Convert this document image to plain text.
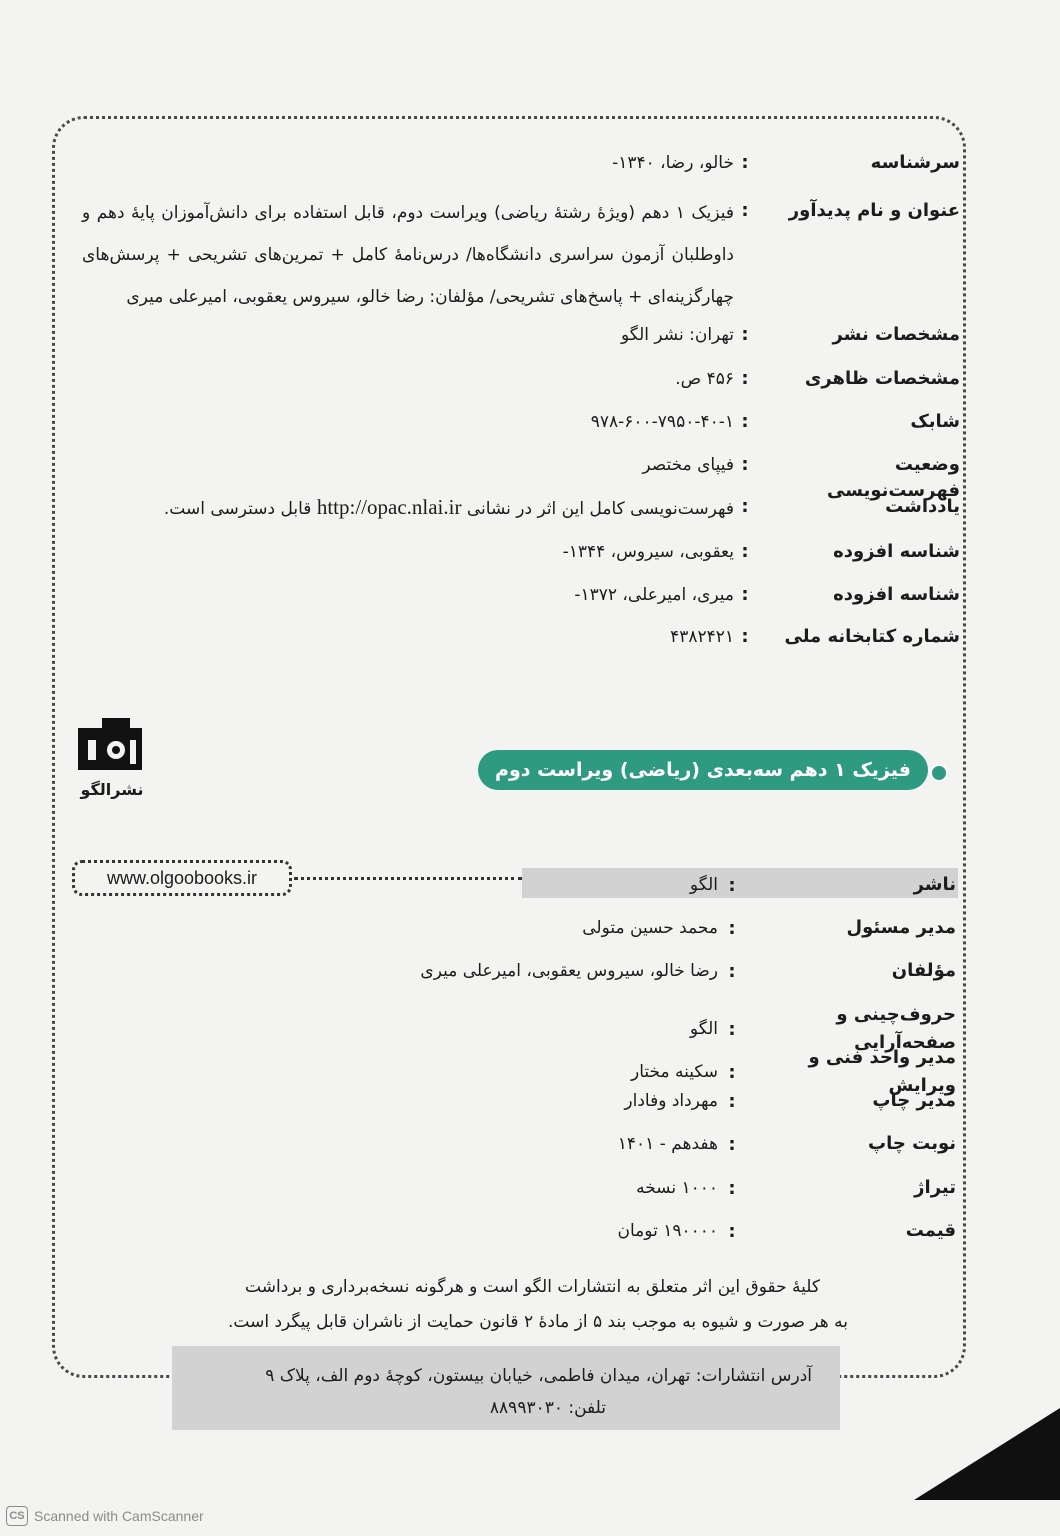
سرشناسه
:
خالو، رضا، ۱۳۴۰-
عنوان و نام پدیدآور
:
فیزیک ۱ دهم (ویژهٔ رشتهٔ ریاضی) ویراست دوم، قابل استفاده برای دانش‌آموزان پایهٔ دهم و داوطلبان آزمون سراسری دانشگاه‌ها/ درس‌نامهٔ کامل + تمرین‌های تشریحی + پرسش‌های چهارگزینه‌ای + پاسخ‌های تشریحی/ مؤلفان: رضا خالو، سیروس یعقوبی، امیرعلی میری
مشخصات نشر
:
تهران: نشر الگو
مشخصات ظاهری
:
۴۵۶ ص.
شابک
:
۹۷۸-۶۰۰-۷۹۵۰-۴۰-۱
وضعیت فهرست‌نویسی
:
فیپای مختصر
یادداشت
:
فهرست‌نویسی کامل این اثر در نشانی http://opac.nlai.ir قابل دسترسی است.
شناسه افزوده
:
یعقوبی، سیروس، ۱۳۴۴-
شناسه افزوده
:
میری، امیرعلی، ۱۳۷۲-
شماره کتابخانه ملی
:
۴۳۸۲۴۲۱
نشرالگو
فیزیک ۱ دهم سه‌بعدی (ریاضی) ویراست دوم
www.olgoobooks.ir	ناشر
:
الگو
مدیر مسئول
:
محمد حسین متولی
مؤلفان
:
رضا خالو، سیروس یعقوبی، امیرعلی میری
حروف‌چینی و صفحه‌آرایی
:
الگو
مدیر واحد فنی و ویرایش
:
سکینه مختار
مدیر چاپ
:
مهرداد وفادار
نوبت چاپ
:
هفدهم - ۱۴۰۱
تیراژ
:
۱۰۰۰ نسخه
قیمت
:
۱۹۰۰۰۰ تومان
کلیهٔ حقوق این اثر متعلق به انتشارات الگو است و هرگونه نسخه‌برداری و برداشت
به هر صورت و شیوه به موجب بند ۵ از مادهٔ ۲ قانون حمایت از ناشران قابل پیگرد است.
آدرس انتشارات: تهران، میدان فاطمی، خیابان بیستون، کوچهٔ دوم الف، پلاک ۹
تلفن: ۸۸۹۹۳۰۳۰
CS Scanned with CamScanner
